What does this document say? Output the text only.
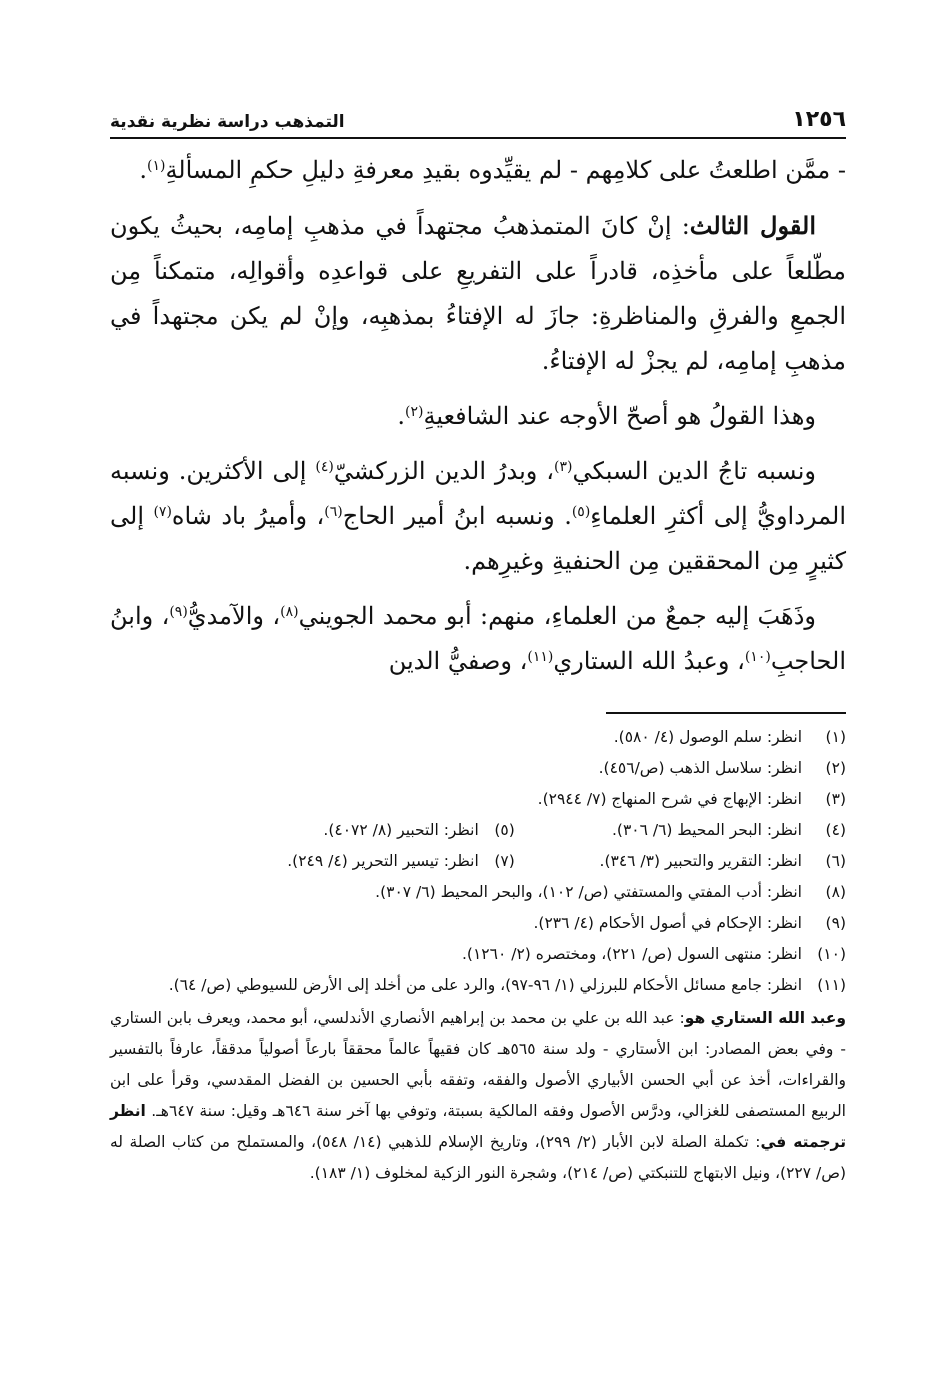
١٢٥٦
التمذهب دراسة نظرية نقدية

- ممَّن اطلعتُ على كلامِهم - لم يقيِّدوه بقيدِ معرفةِ دليلِ حكمِ المسألةِ$^{(١)}$.

القول الثالث: إنْ كانَ المتمذهبُ مجتهداً في مذهبِ إمامِه، بحيثُ يكون مطّلعاً على مأخذِه، قادراً على التفريعِ على قواعدِه وأقوالِه، متمكناً مِن الجمعِ والفرقِ والمناظرةِ: جازَ له الإفتاءُ بمذهبِه، وإنْ لم يكن مجتهداً في مذهبِ إمامِه، لم يجزْ له الإفتاءُ.

وهذا القولُ هو أصحّ الأوجه عند الشافعيةِ$^{(٢)}$.

ونسبه تاجُ الدين السبكي$^{(٣)}$، وبدرُ الدين الزركشيّ$^{(٤)}$ إلى الأكثرين. ونسبه المرداويُّ إلى أكثرِ العلماءِ$^{(٥)}$. ونسبه ابنُ أمير الحاج$^{(٦)}$، وأميرُ باد شاه$^{(٧)}$ إلى كثيرٍ مِن المحققين مِن الحنفيةِ وغيرِهم.

وذَهَبَ إليه جمعٌ من العلماءِ، منهم: أبو محمد الجويني$^{(٨)}$، والآمديُّ$^{(٩)}$، وابنُ الحاجبِ$^{(١٠)}$، وعبدُ الله الستاري$^{(١١)}$، وصفيُّ الدين

(١)
انظر: سلم الوصول (٤/ ٥٨٠).
(٢)
انظر: سلاسل الذهب (ص/٤٥٦).
(٣)
انظر: الإبهاج في شرح المنهاج (٧/ ٢٩٤٤).
(٤)
انظر: البحر المحيط (٦/ ٣٠٦).
(٥)
انظر: التحبير (٨/ ٤٠٧٢).
(٦)
انظر: التقرير والتحبير (٣/ ٣٤٦).
(٧)
انظر: تيسير التحرير (٤/ ٢٤٩).
(٨)
انظر: أدب المفتي والمستفتي (ص/ ١٠٢)، والبحر المحيط (٦/ ٣٠٧).
(٩)
انظر: الإحكام في أصول الأحكام (٤/ ٢٣٦).
(١٠)
انظر: منتهى السول (ص/ ٢٢١)، ومختصره (٢/ ١٢٦٠).
(١١)
انظر: جامع مسائل الأحكام للبرزلي (١/ ٩٦-٩٧)، والرد على من أخلد إلى الأرض للسيوطي (ص/ ٦٤).
وعبد الله الستاري هو: عبد الله بن علي بن محمد بن إبراهيم الأنصاري الأندلسي، أبو محمد، ويعرف بابن الستاري - وفي بعض المصادر: ابن الأستاري - ولد سنة ٥٦٥هـ كان فقيهاً عالماً محققاً بارعاً أصولياً مدققاً، عارفاً بالتفسير والقراءات، أخذ عن أبي الحسن الأبياري الأصول والفقه، وتفقه بأبي الحسين بن الفضل المقدسي، وقرأ على ابن الربيع المستصفى للغزالي، ودرَّس الأصول وفقه المالكية بسبتة، وتوفي بها آخر سنة ٦٤٦هـ وقيل: سنة ٦٤٧هـ. انظر ترجمته في: تكملة الصلة لابن الأبار (٢/ ٢٩٩)، وتاريخ الإسلام للذهبي (١٤/ ٥٤٨)، والمستملح من كتاب الصلة له (ص/ ٢٢٧)، ونيل الابتهاج للتنبكتي (ص/ ٢١٤)، وشجرة النور الزكية لمخلوف (١/ ١٨٣).
